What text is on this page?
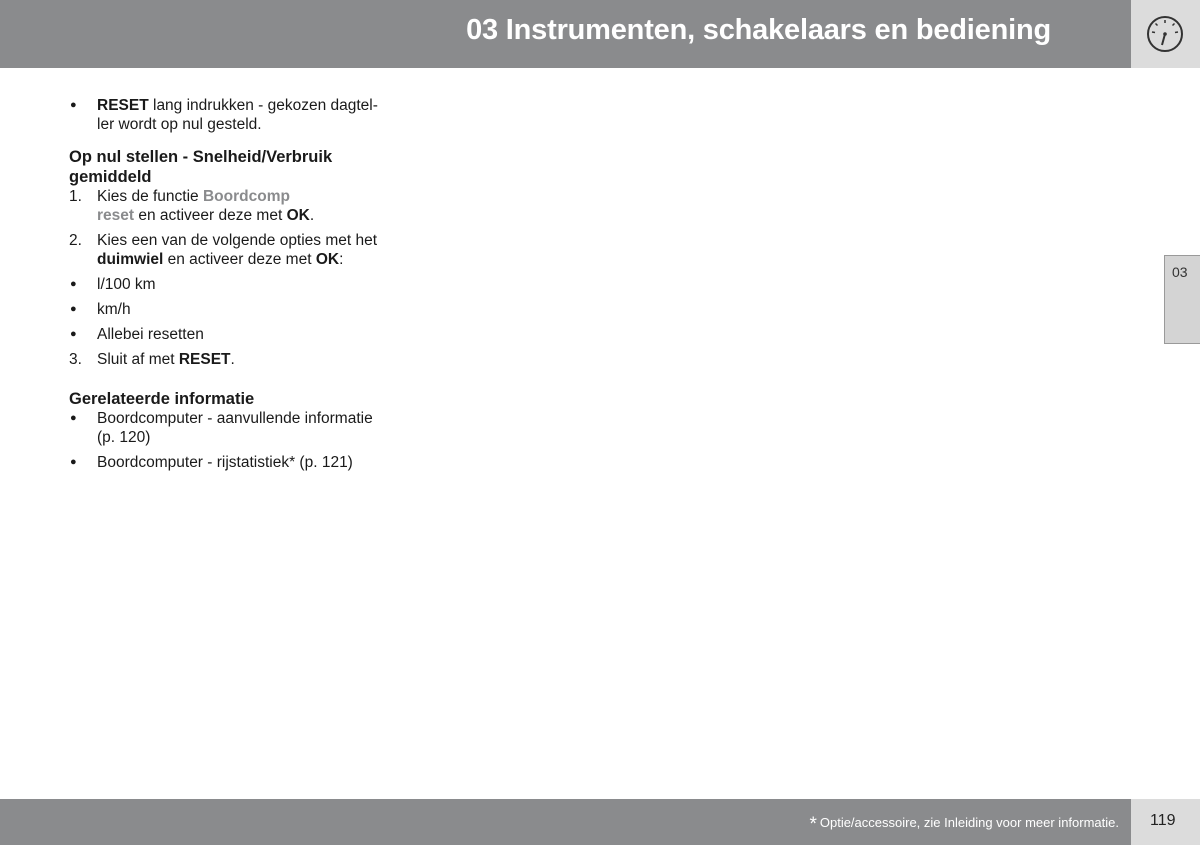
03 Instrumenten, schakelaars en bediening
● RESET lang indrukken - gekozen dagtel-
ler wordt op nul gesteld.
Op nul stellen - Snelheid/Verbruik
gemiddeld
1. Kies de functie Boordcomp
reset en activeer deze met OK.
2. Kies een van de volgende opties met het
duimwiel en activeer deze met OK:
● l/100 km
● km/h
● Allebei resetten
3. Sluit af met RESET.
Gerelateerde informatie
● Boordcomputer - aanvullende informatie
(p. 120)
● Boordcomputer - rijstatistiek* (p. 121)
03
* Optie/accessoire, zie Inleiding voor meer informatie. 119
